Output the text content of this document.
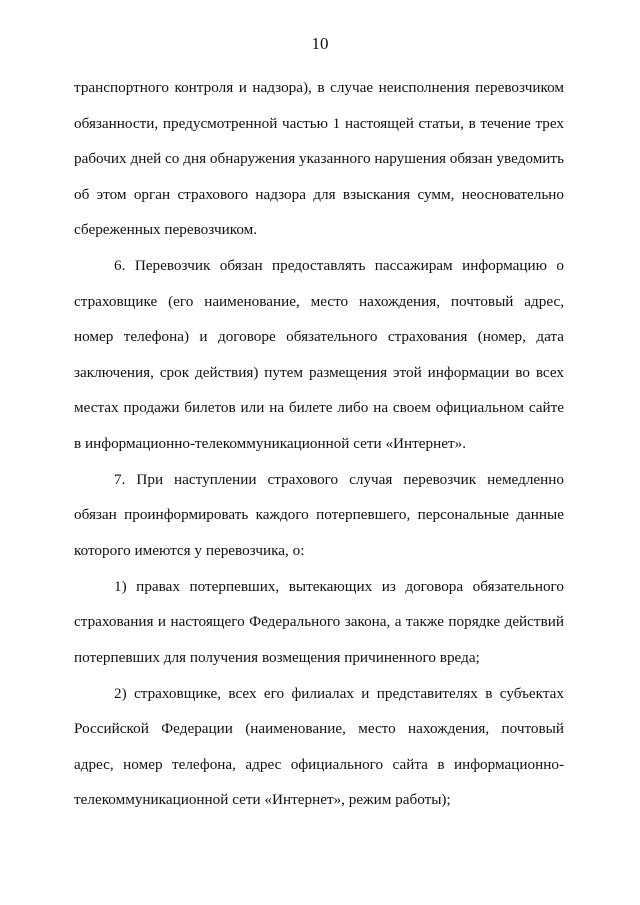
10

транспортного контроля и надзора), в случае неисполнения перевозчиком обязанности, предусмотренной частью 1 настоящей статьи, в течение трех рабочих дней со дня обнаружения указанного нарушения обязан уведомить об этом орган страхового надзора для взыскания сумм, неосновательно сбереженных перевозчиком.

6. Перевозчик обязан предоставлять пассажирам информацию о страховщике (его наименование, место нахождения, почтовый адрес, номер телефона) и договоре обязательного страхования (номер, дата заключения, срок действия) путем размещения этой информации во всех местах продажи билетов или на билете либо на своем официальном сайте в информационно-телекоммуникационной сети «Интернет».

7. При наступлении страхового случая перевозчик немедленно обязан проинформировать каждого потерпевшего, персональные данные которого имеются у перевозчика, о:

1) правах потерпевших, вытекающих из договора обязательного страхования и настоящего Федерального закона, а также порядке действий потерпевших для получения возмещения причиненного вреда;

2) страховщике, всех его филиалах и представителях в субъектах Российской Федерации (наименование, место нахождения, почтовый адрес, номер телефона, адрес официального сайта в информационно-телекоммуникационной сети «Интернет», режим работы);
